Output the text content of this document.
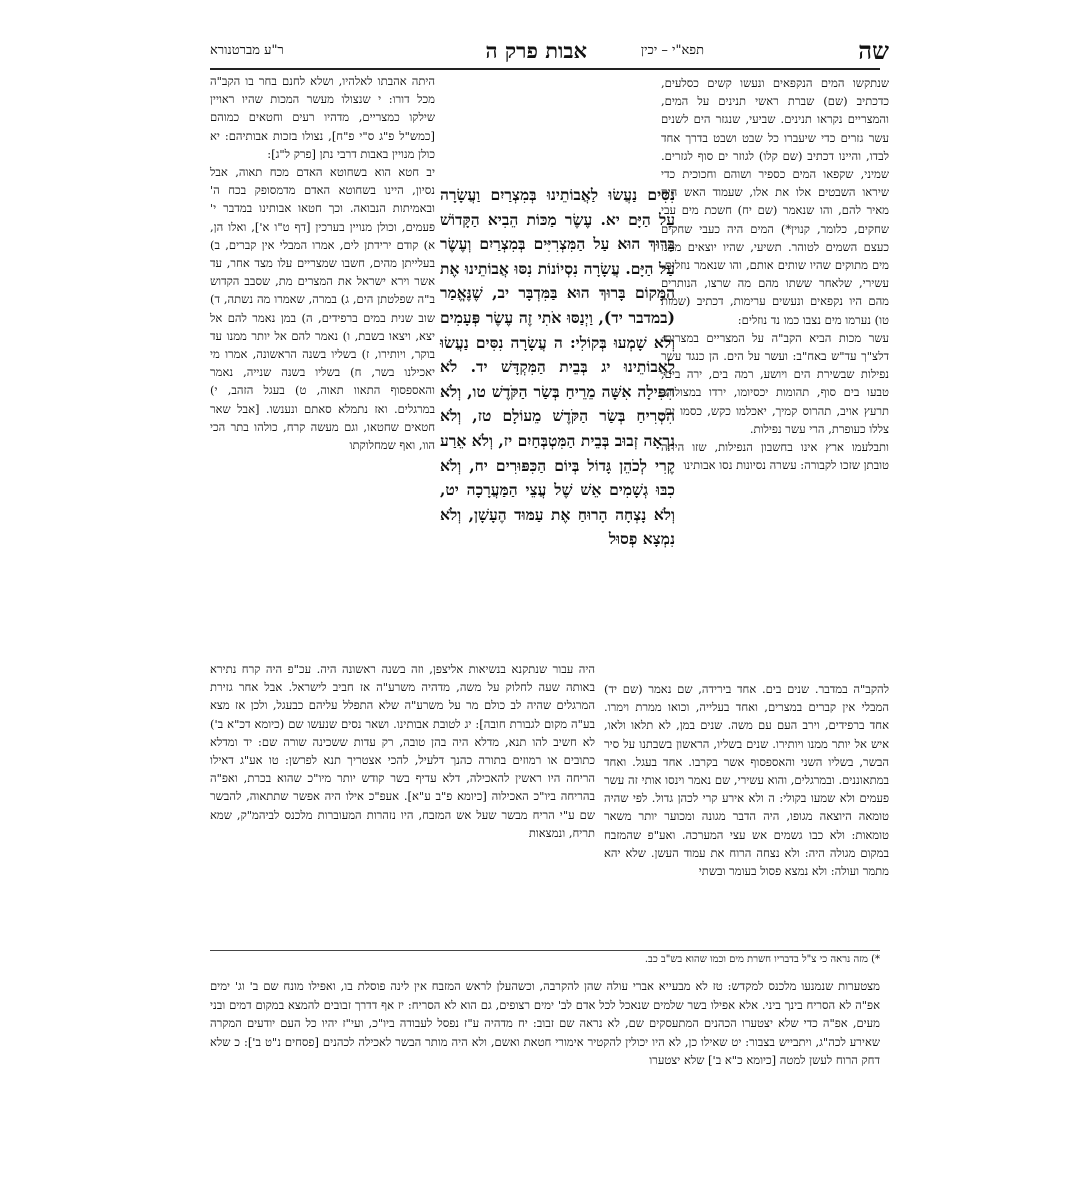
שה
תפא"י – יכין
אבות פרק ה
ר"ע מברטנורא

שנתקשו המים הנקפאים ונעשו קשים כסלעים, כדכתיב (שם) שברת ראשי תנינים על המים, והמצריים נקראו תנינים. שביעי, שנגזר הים לשנים עשר גזרים כדי שיעברו כל שבט ושבט בדרך אחד לבדו, והיינו דכתיב (שם קלו) לגוזר ים סוף לגזרים. שמיני, שקפאו המים כספיר ושוהם וחכוכית כדי שיראו השבטים אלו את אלו, שעמוד האש היה מאיר להם, והו שנאמר (שם יח) חשכת מים עבי שחקים, כלומר, קנוין*) המים היה כעבי שחקים כעצם השמים לטוהר. תשיעי, שהיו יוצאים ממנו מים מתוקים שהיו שותים אותם, והו שנאמר נוזלים. עשירי, שלאחר ששתו מהם מה שרצו, הנותרים מהם היו נקפאים ונעשים ערימות, דכתיב (שמות טו) נערמו מים נצבו כמו נד נוזלים:

עשר מכות הביא הקב"ה על המצריים במצרים. דלצ"ך עד"ש באח"ב: ועשר על הים. הן כנגד עשר נפילות שבשירת הים ויושע, רמה בים, ירה בים, טבעו בים סוף, תהומות יכסיומו, ירדו במצולות, תרעץ אויב, תהרוס קמיך, יאכלמו כקש, כסמו ים, צללו כעופרת, הרי עשר נפילות.

ותבלעמו ארץ אינו בחשבון הנפילות, שזו היתה טובתן שזכו לקבורה: עשרה נסיונות נסו אבותינו

היתה אהבתו לאלהיו, ושלא לחנם בחר בו הקב"ה מכל דורו: י שנצולו מעשר המכות שהיו ראויין שילקו כמצריים, מדהיו רעים וחטאים כמוהם [כמש"ל פ"ג ס"י פ"ח], נצולו בזכות אבותיהם: יא כולן מנויין באבות דרבי נתן [פרק ל"ג]:

יב חטא הוא בשחוטא האדם מכח תאוה, אבל נסיון, היינו בשחוטא האדם מדמסופק בכח ה' ובאמיתות הנבואה. וכך חטאו אבותינו במדבר י' פעמים, וכולן מנויין בערכין [דף ט"ו א'], ואלו הן, א) קודם ירידתן לים, אמרו המבלי אין קברים, ב) בעלייתן מהים, חשבו שמצריים עלו מצד אחר, עד אשר וירא ישראל את המצרים מת, שסבב הקדוש ב"ה שפלטתן הים, ג) במרה, שאמרו מה נשתה, ד) שוב שנית במים ברפידים, ה) במן נאמר להם אל יצא, ויצאו בשבת, ו) נאמר להם אל יותר ממנו עד בוקר, ויותירו, ז) בשליו בשנה הראשונה, אמרו מי יאכילנו בשר, ח) בשליו בשנה שנייה, נאמר והאספסוף התאוו תאוה, ט) בעגל הזהב, י) במרגלים. ואז נתמלא סאתם ונענשו. [אבל שאר חטאים שחטאו, וגם מעשה קרח, כולהו בתר הכי הוו, ואף שמחלוקתו

נִסִּים נַעֲשׂוּ לַאֲבוֹתֵינוּ בְּמִצְרַיִם וַעֲשָׂרָה עַל הַיָּם יא. עֶשֶׂר מַכּוֹת הֵבִיא הַקָּדוֹשׁ בָּרוּךְ הוּא עַל הַמִּצְרִיִּים בְּמִצְרַיִם וְעֶשֶׂר עַל הַיָּם. עֲשָׂרָה נִסְיוֹנוֹת נִסּוּ אֲבוֹתֵינוּ אֶת הַמָּקוֹם בָּרוּךְ הוּא בַּמִּדְבָּר יב, שֶׁנֶּאֱמַר (במדבר יד), וַיְנַסּוּ אֹתִי זֶה עֶשֶׂר פְּעָמִים וְלֹא שָׁמְעוּ בְּקוֹלִי: ה עֲשָׂרָה נִסִּים נַעֲשׂוּ לַאֲבוֹתֵינוּ יג בְּבֵית הַמִּקְדָּשׁ יד. לֹא הִפִּילָה אִשָּׁה מֵרֵיחַ בְּשַׂר הַקֹּדֶשׁ טו, וְלֹא הִסְרִיחַ בְּשַׂר הַקֹּדֶשׁ מֵעוֹלָם טז, וְלֹא נִרְאָה זְבוּב בְּבֵית הַמִּטְבְּחַיִם יז, וְלֹא אֵרַע קֶרִי לְכֹהֵן גָּדוֹל בְּיוֹם הַכִּפּוּרִים יח, וְלֹא כִבּוּ גְשָׁמִים אֵשׁ שֶׁל עֲצֵי הַמַּעֲרָכָה יט, וְלֹא נָצְחָה הָרוּחַ אֶת עַמּוּד הֶעָשָׁן, וְלֹא נִמְצָא פְסוּל

היה עבור שנתקנא בנשיאות אליצפן, וזה בשנה ראשונה היה. עכ"פ היה קרח נתירא באותה שעה לחלוק על משה, מדהיה משרע"ה אז חביב לישראל. אבל אחר גזירת המרגלים שהיה לב כולם מר על משרע"ה שלא התפלל עליהם כבעגל, ולכן אז מצא בע"ה מקום לגבורת חובה]: יג לטובת אבותינו. ושאר נסים שנעשו שם (כיומא דכ"א ב') לא חשיב להו תנא, מדלא היה בהן טובה, רק עדות ששכינה שורה שם: יד ומדלא כתובים או רמוזים בתורה כהנך דלעיל, להכי אצטריך תנא לפרשן: טו אע"ג דאילו הריחה היו ראשין להאכילה, דלא עדיף בשר קודש יותר מיו"כ שהוא בכרת, ואפ"ה בהריחה ביו"כ האכילוה [כיומא פ"ב ע"א]. אעפ"כ אילו היה אפשר שתתאוה, להבשר שם ע"י הריח מבשר שעל אש המזבח, היו נזהרות המעוברות מלכנס לביהמ"ק, שמא תריח, ונמצאות

להקב"ה במדבר. שנים בים. אחד בירידה, שם נאמר (שם יד) המבלי אין קברים במצרים, ואחד בעלייה, וכואו ממרת וימרו. אחד ברפידים, וירב העם עם משה. שנים במן, לא תלאו ולאו, איש אל יותר ממנו ויותירו. שנים בשליו, הראשון בשבתנו על סיר הבשר, בשליו השני והאספסוף אשר בקרבו. אחד בעגל. ואחד במתאוננים. ובמרגלים, והוא עשירי, שם נאמר וינסו אותי זה עשר פעמים ולא שמעו בקולי: ה ולא אירע קרי לכהן גדול. לפי שהיה טומאה היוצאה מגופו, היה הדבר מגונה ומכוער יותר משאר טומאות: ולא כבו גשמים אש עצי המערכה. ואע"פ שהמזבח במקום מגולה היה: ולא נצחה הרוח את עמוד העשן. שלא יהא מתמר ועולה: ולא נמצא פסול בעומר ובשתי

*) מזה נראה כי צ"ל בדבריו חשרת מים וכמו שהוא בש"ב כב.

מצטערות שנמנעו מלכנס למקדש: טז לא מבעייא אברי עולה שהן להקרבה, וכשהעלן לראש המזבח אין לינה פוסלת בו, ואפילו מונח שם ב' וג' ימים אפ"ה לא הסריח בינך ביני. אלא אפילו בשר שלמים שנאכל לכל אדם לב' ימים רצופים, גם הוא לא הסריח: יז אף דדרך זבובים להמצא במקום דמים ובני מעים, אפ"ה כדי שלא יצטערו הכהנים המתעסקים שם, לא נראה שם זבוב: יח מדהיה ע"ז נפסל לעבודה ביו"כ, ועי"ז יהיו כל העם יודעים המקרה שאירע לכה"ג, ויתבייש בצבור: יט שאילו כן, לא היו יכולין להקטיר אימורי חטאת ואשם, ולא היה מותר הבשר לאכילה לכהנים [פסחים נ"ט ב']: כ שלא דחק הרוח לעשן למטה [כיומא כ"א ב'] שלא יצטערו
